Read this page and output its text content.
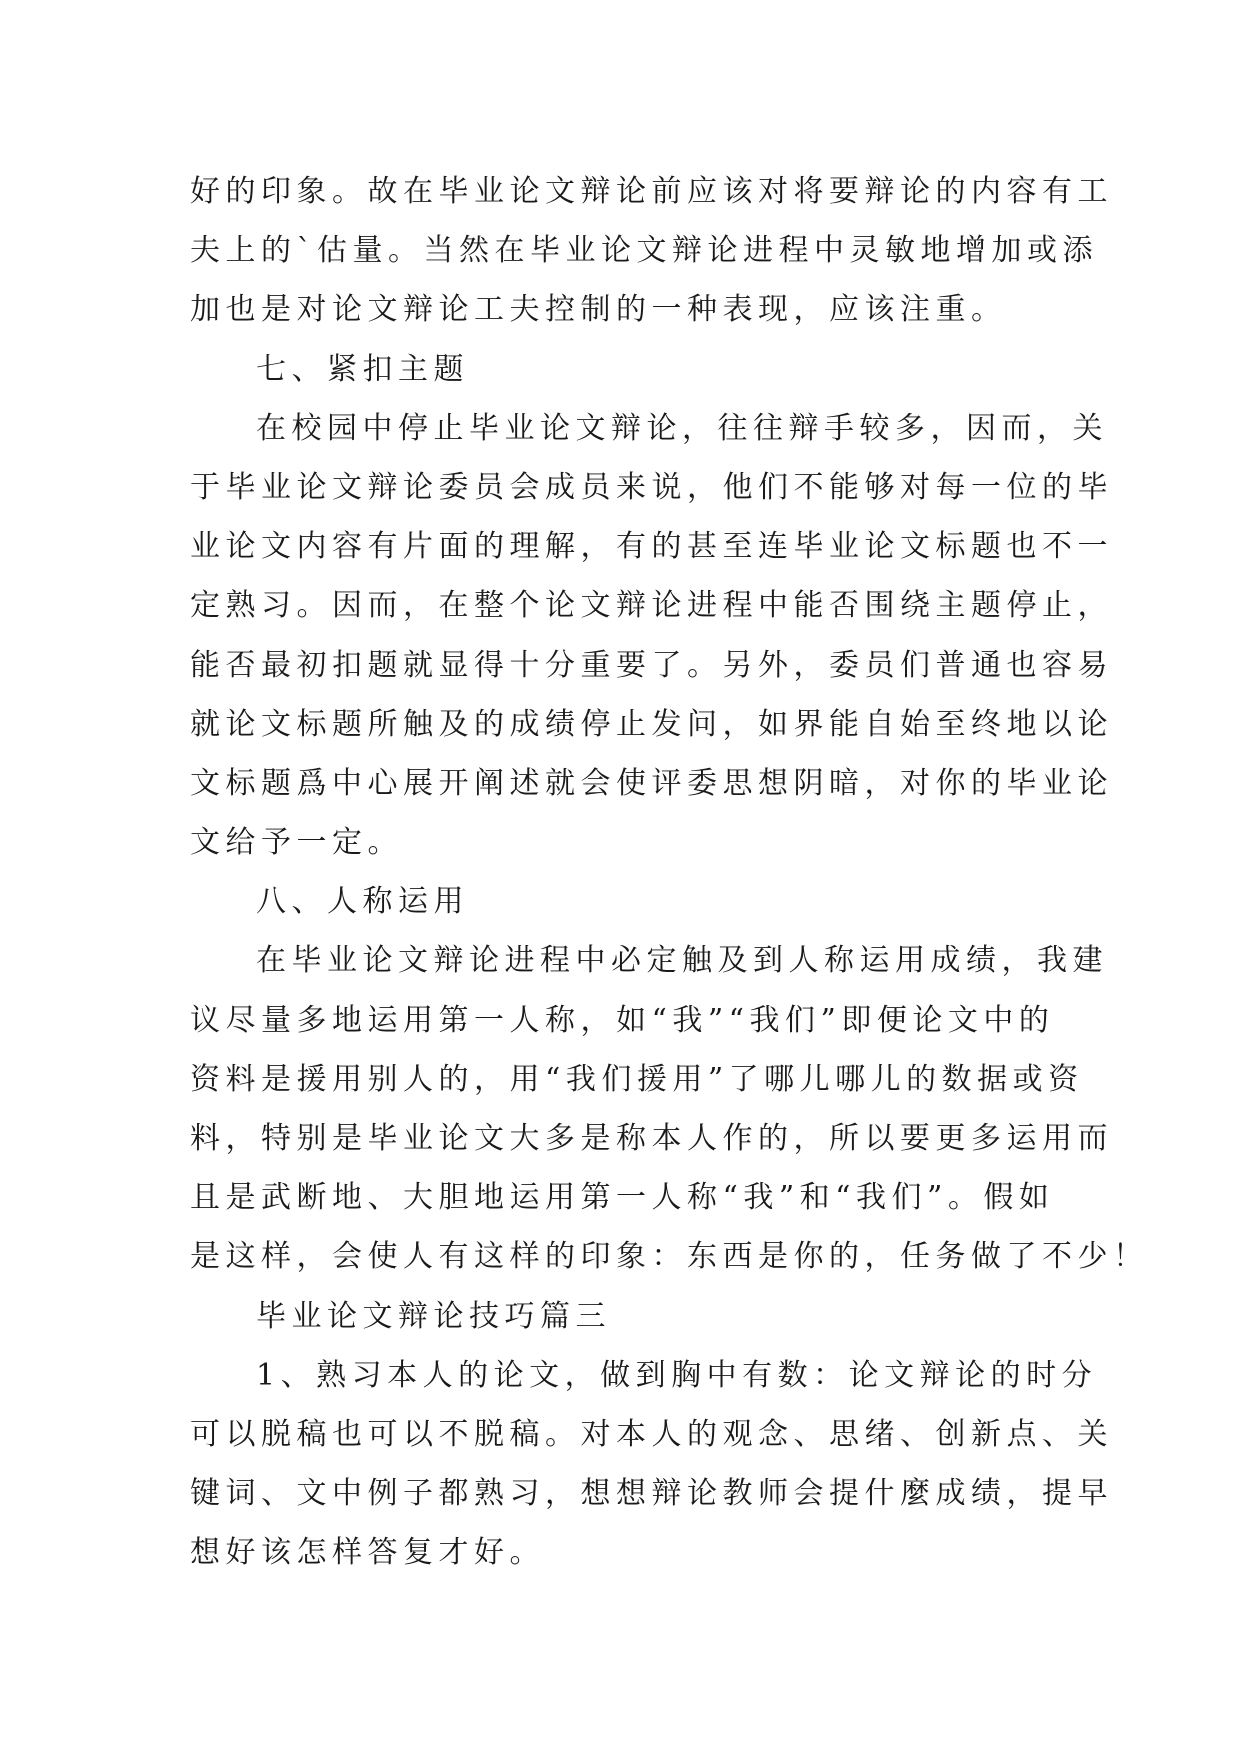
好的印象。故在毕业论文辩论前应该对将要辩论的内容有工
夫上的`估量。当然在毕业论文辩论进程中灵敏地增加或添
加也是对论文辩论工夫控制的一种表现，应该注重。
七、紧扣主题
在校园中停止毕业论文辩论，往往辩手较多，因而，关
于毕业论文辩论委员会成员来说，他们不能够对每一位的毕
业论文内容有片面的理解，有的甚至连毕业论文标题也不一
定熟习。因而，在整个论文辩论进程中能否围绕主题停止，
能否最初扣题就显得十分重要了。另外，委员们普通也容易
就论文标题所触及的成绩停止发问，如界能自始至终地以论
文标题爲中心展开阐述就会使评委思想阴暗，对你的毕业论
文给予一定。
八、人称运用
在毕业论文辩论进程中必定触及到人称运用成绩，我建
议尽量多地运用第一人称，如“我”“我们”即便论文中的
资料是援用别人的，用“我们援用”了哪儿哪儿的数据或资
料，特别是毕业论文大多是称本人作的，所以要更多运用而
且是武断地、大胆地运用第一人称“我”和“我们”。假如
是这样，会使人有这样的印象：东西是你的，任务做了不少！
毕业论文辩论技巧篇三
1、熟习本人的论文，做到胸中有数：论文辩论的时分
可以脱稿也可以不脱稿。对本人的观念、思绪、创新点、关
键词、文中例子都熟习，想想辩论教师会提什麼成绩，提早
想好该怎样答复才好。
